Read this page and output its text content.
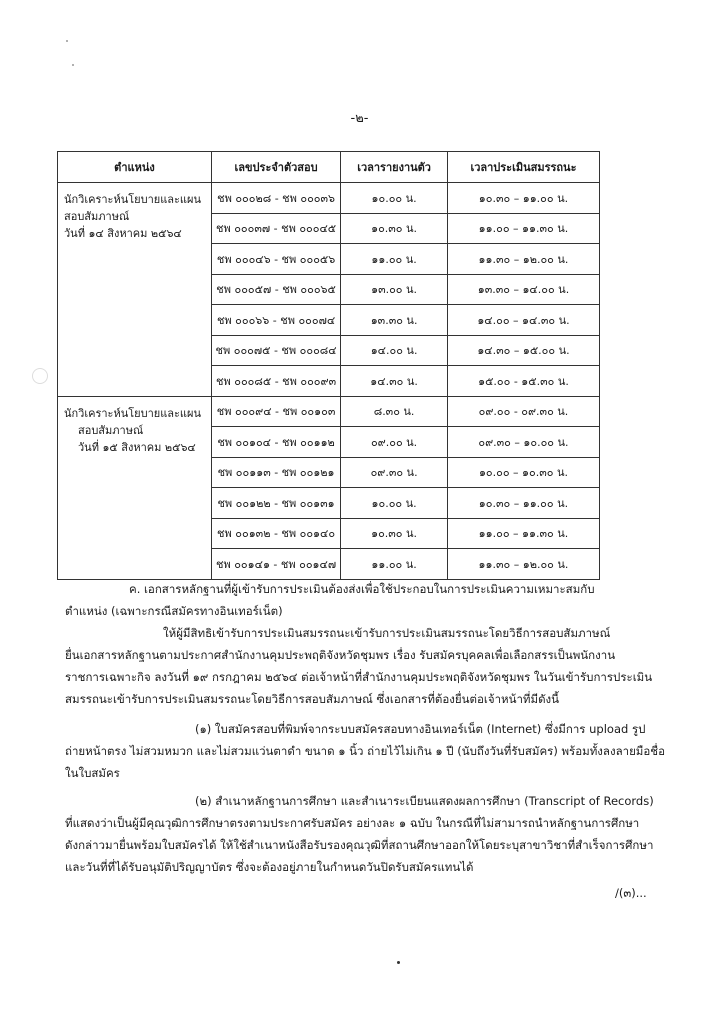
-๒-
ตำแหน่ง	เลขประจำตัวสอบ	เวลารายงานตัว	เวลาประเมินสมรรถนะ

นักวิเคราะห์นโยบายและแผน
สอบสัมภาษณ์
วันที่ ๑๔ สิงหาคม ๒๕๖๔	ชพ ๐๐๐๒๘ - ชพ ๐๐๐๓๖	๑๐.๐๐ น.	๑๐.๓๐ – ๑๑.๐๐ น.
	ชพ ๐๐๐๓๗ - ชพ ๐๐๐๔๕	๑๐.๓๐ น.	๑๑.๐๐ – ๑๑.๓๐ น.
	ชพ ๐๐๐๔๖ - ชพ ๐๐๐๕๖	๑๑.๐๐ น.	๑๑.๓๐ – ๑๒.๐๐ น.
	ชพ ๐๐๐๕๗ - ชพ ๐๐๐๖๕	๑๓.๐๐ น.	๑๓.๓๐ – ๑๔.๐๐ น.
	ชพ ๐๐๐๖๖ - ชพ ๐๐๐๗๔	๑๓.๓๐ น.	๑๔.๐๐ – ๑๔.๓๐ น.
	ชพ ๐๐๐๗๕ - ชพ ๐๐๐๘๔	๑๔.๐๐ น.	๑๔.๓๐ – ๑๕.๐๐ น.
	ชพ ๐๐๐๘๕ - ชพ ๐๐๐๙๓	๑๔.๓๐ น.	๑๕.๐๐ - ๑๕.๓๐ น.

นักวิเคราะห์นโยบายและแผน
สอบสัมภาษณ์
วันที่ ๑๕ สิงหาคม ๒๕๖๔	ชพ ๐๐๐๙๔ - ชพ ๐๐๑๐๓	๘.๓๐ น.	๐๙.๐๐ - ๐๙.๓๐ น.
	ชพ ๐๐๑๐๔ - ชพ ๐๐๑๑๒	๐๙.๐๐ น.	๐๙.๓๐ – ๑๐.๐๐ น.
	ชพ ๐๐๑๑๓ - ชพ ๐๐๑๒๑	๐๙.๓๐ น.	๑๐.๐๐ – ๑๐.๓๐ น.
	ชพ ๐๐๑๒๒ - ชพ ๐๐๑๓๑	๑๐.๐๐ น.	๑๐.๓๐ – ๑๑.๐๐ น.
	ชพ ๐๐๑๓๒ - ชพ ๐๐๑๔๐	๑๐.๓๐ น.	๑๑.๐๐ – ๑๑.๓๐ น.
	ชพ ๐๐๑๔๑ - ชพ ๐๐๑๔๗	๑๑.๐๐ น.	๑๑.๓๐ – ๑๒.๐๐ น.
ค. เอกสารหลักฐานที่ผู้เข้ารับการประเมินต้องส่งเพื่อใช้ประกอบในการประเมินความเหมาะสมกับ
ตำแหน่ง (เฉพาะกรณีสมัครทางอินเทอร์เน็ต)
ให้ผู้มีสิทธิเข้ารับการประเมินสมรรถนะเข้ารับการประเมินสมรรถนะโดยวิธีการสอบสัมภาษณ์
ยื่นเอกสารหลักฐานตามประกาศสำนักงานคุมประพฤติจังหวัดชุมพร เรื่อง รับสมัครบุคคลเพื่อเลือกสรรเป็นพนักงาน
ราชการเฉพาะกิจ ลงวันที่ ๑๙ กรกฎาคม ๒๕๖๔ ต่อเจ้าหน้าที่สำนักงานคุมประพฤติจังหวัดชุมพร ในวันเข้ารับการประเมิน
สมรรถนะเข้ารับการประเมินสมรรถนะโดยวิธีการสอบสัมภาษณ์ ซึ่งเอกสารที่ต้องยื่นต่อเจ้าหน้าที่มีดังนี้
(๑) ใบสมัครสอบที่พิมพ์จากระบบสมัครสอบทางอินเทอร์เน็ต (Internet) ซึ่งมีการ upload รูป
ถ่ายหน้าตรง ไม่สวมหมวก และไม่สวมแว่นตาดำ ขนาด ๑ นิ้ว ถ่ายไว้ไม่เกิน ๑ ปี (นับถึงวันที่รับสมัคร) พร้อมทั้งลงลายมือชื่อ
ในใบสมัคร
(๒) สำเนาหลักฐานการศึกษา และสำเนาระเบียนแสดงผลการศึกษา (Transcript of Records)
ที่แสดงว่าเป็นผู้มีคุณวุฒิการศึกษาตรงตามประกาศรับสมัคร อย่างละ ๑ ฉบับ ในกรณีที่ไม่สามารถนำหลักฐานการศึกษา
ดังกล่าวมายื่นพร้อมใบสมัครได้ ให้ใช้สำเนาหนังสือรับรองคุณวุฒิที่สถานศึกษาออกให้โดยระบุสาขาวิชาที่สำเร็จการศึกษา
และวันที่ที่ได้รับอนุมัติปริญญาบัตร ซึ่งจะต้องอยู่ภายในกำหนดวันปิดรับสมัครแทนได้
/(๓)...
